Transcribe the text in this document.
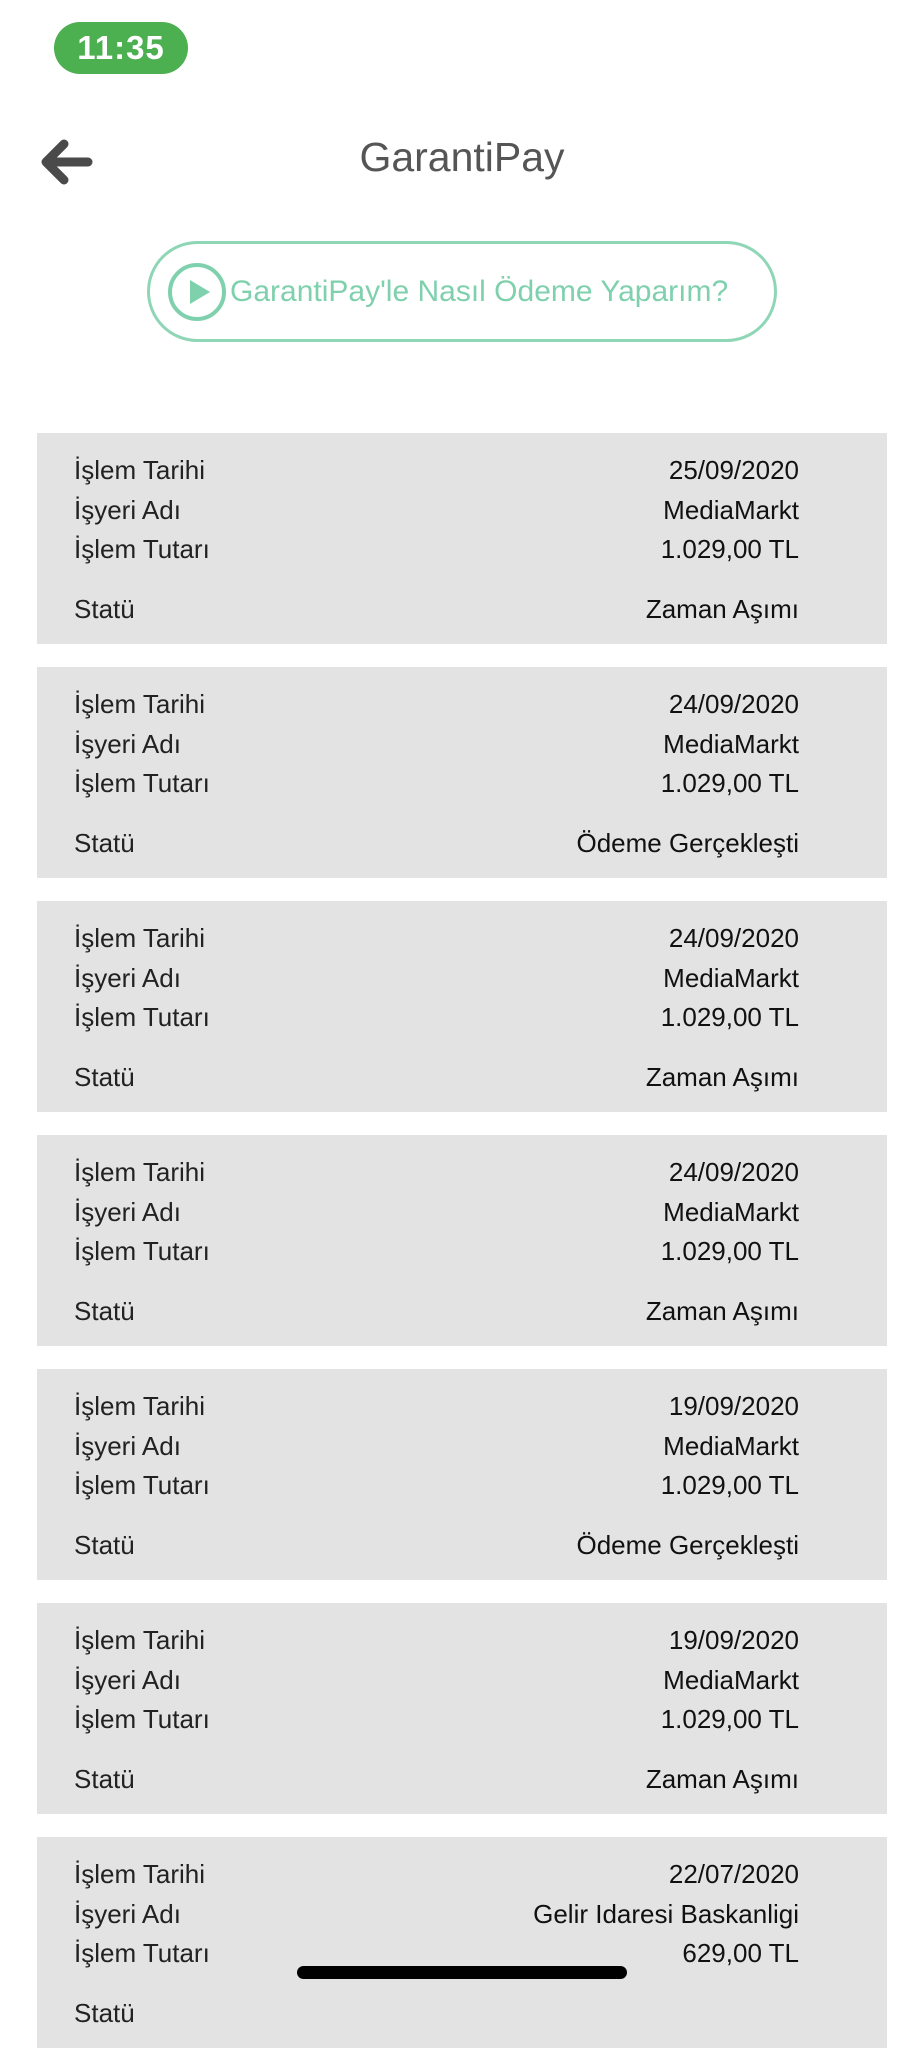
11:35
GarantiPay
GarantiPay'le Nasıl Ödeme Yaparım?
İşlem Tarihi	25/09/2020
İşyeri Adı	MediaMarkt
İşlem Tutarı	1.029,00 TL
Statü	Zaman Aşımı
İşlem Tarihi	24/09/2020
İşyeri Adı	MediaMarkt
İşlem Tutarı	1.029,00 TL
Statü	Ödeme Gerçekleşti
İşlem Tarihi	24/09/2020
İşyeri Adı	MediaMarkt
İşlem Tutarı	1.029,00 TL
Statü	Zaman Aşımı
İşlem Tarihi	24/09/2020
İşyeri Adı	MediaMarkt
İşlem Tutarı	1.029,00 TL
Statü	Zaman Aşımı
İşlem Tarihi	19/09/2020
İşyeri Adı	MediaMarkt
İşlem Tutarı	1.029,00 TL
Statü	Ödeme Gerçekleşti
İşlem Tarihi	19/09/2020
İşyeri Adı	MediaMarkt
İşlem Tutarı	1.029,00 TL
Statü	Zaman Aşımı
İşlem Tarihi	22/07/2020
İşyeri Adı	Gelir Idaresi Baskanligi
İşlem Tutarı	629,00 TL
Statü
